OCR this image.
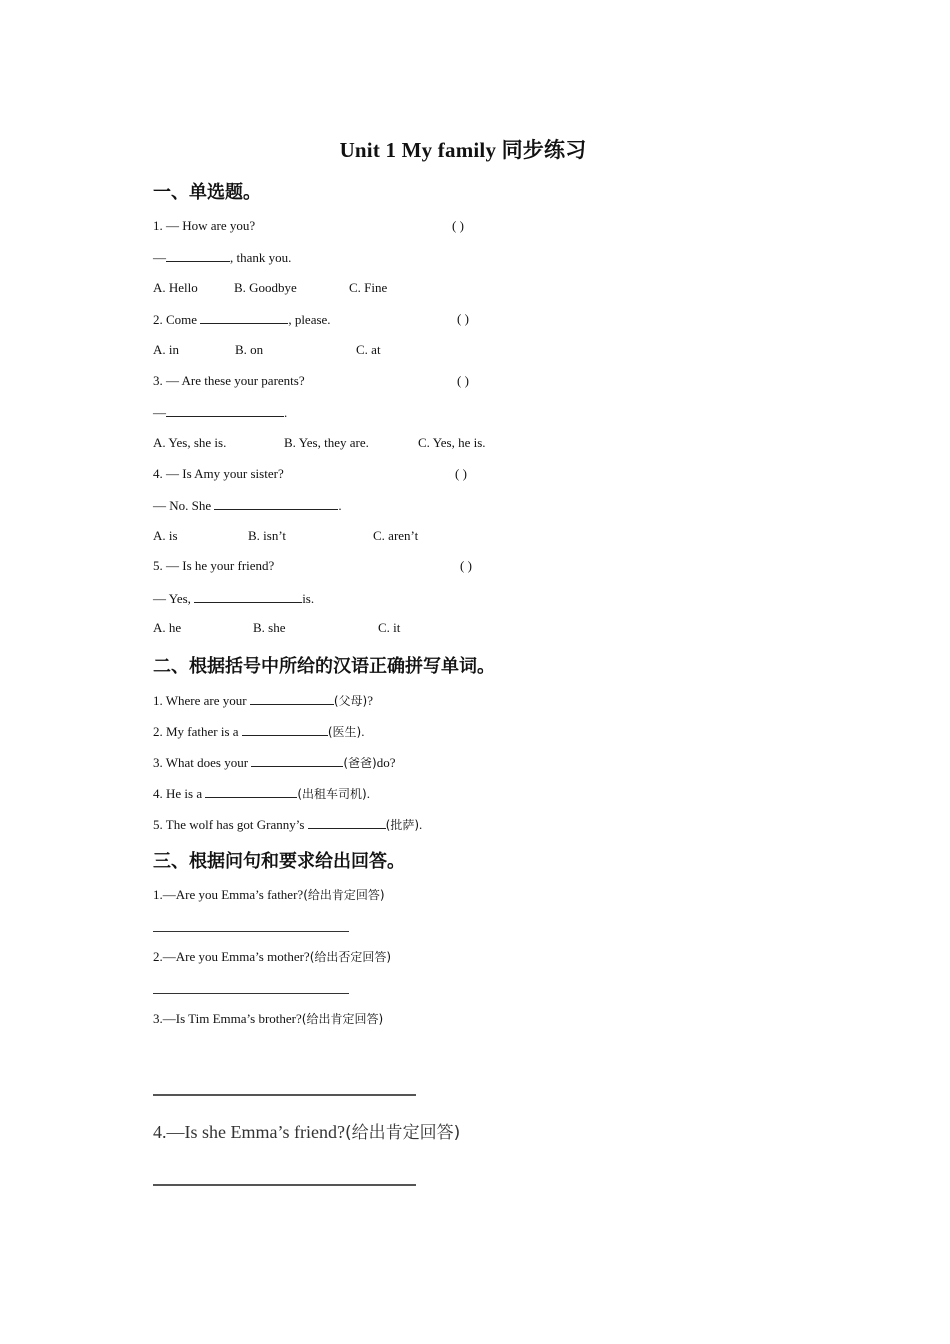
Unit 1 My family 同步练习
一、单选题。
1. — How are you?	( )
—	, thank you.
A. Hello	B. Goodbye	C. Fine
2. Come	, please.	( )
A. in	B. on	C. at
3. — Are these your parents?	( )
—	.
A. Yes, she is.	B. Yes, they are.	C. Yes, he is.
4. — Is Amy your sister?	( )
— No. She	.
A. is	B. isn’t	C. aren’t
5. — Is he your friend?	( )
— Yes,	is.
A. he	B. she	C. it
二、根据括号中所给的汉语正确拼写单词。
1. Where are your	(父母)?
2. My father is a	(医生).
3. What does your	(爸爸)do?
4. He is a	(出租车司机).
5. The wolf has got Granny’s	(批萨).
三、根据问句和要求给出回答。
1.—Are you Emma’s father?(给出肯定回答)
2.—Are you Emma’s mother?(给出否定回答)
3.—Is Tim Emma’s brother?(给出肯定回答)
4.—Is she Emma’s friend?(给出肯定回答)
